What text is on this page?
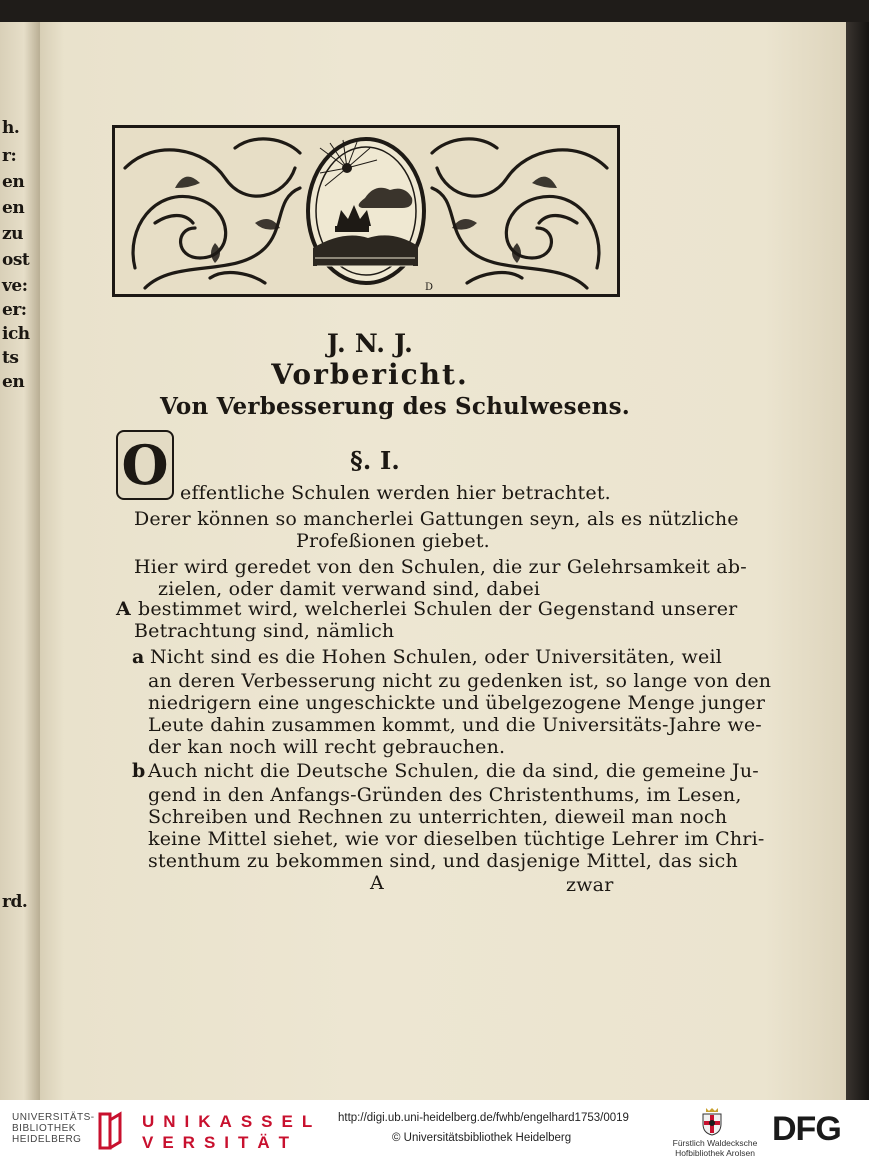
h.
r:
en
en
zu
ost
ve:
er:
ich
ts
en
rd.
D
J. N. J.
Vorbericht.
Von Verbesserung des Schulwesens.
§. I.
O effentliche Schulen werden hier betrachtet.
Derer können so mancherlei Gattungen seyn, als es nützliche
Profeßionen giebet.
Hier wird geredet von den Schulen, die zur Gelehrsamkeit ab-
zielen, oder damit verwand sind, dabei
A bestimmet wird, welcherlei Schulen der Gegenstand unserer
Betrachtung sind, nämlich
a Nicht sind es die Hohen Schulen, oder Universitäten, weil
an deren Verbesserung nicht zu gedenken ist, so lange von den
niedrigern eine ungeschickte und übelgezogene Menge junger
Leute dahin zusammen kommt, und die Universitäts-Jahre we-
der kan noch will recht gebrauchen.
b Auch nicht die Deutsche Schulen, die da sind, die gemeine Ju-
gend in den Anfangs-Gründen des Christenthums, im Lesen,
Schreiben und Rechnen zu unterrichten, dieweil man noch
keine Mittel siehet, wie vor dieselben tüchtige Lehrer im Chri-
stenthum zu bekommen sind, und dasjenige Mittel, das sich
A	zwar
UNIVERSITÄTS-
BIBLIOTHEK
HEIDELBERG
UNIKASSEL
VERSITÄT
http://digi.ub.uni-heidelberg.de/fwhb/engelhard1753/0019
© Universitätsbibliothek Heidelberg	Fürstlich Waldecksche
Hofbibliothek Arolsen
DFG
